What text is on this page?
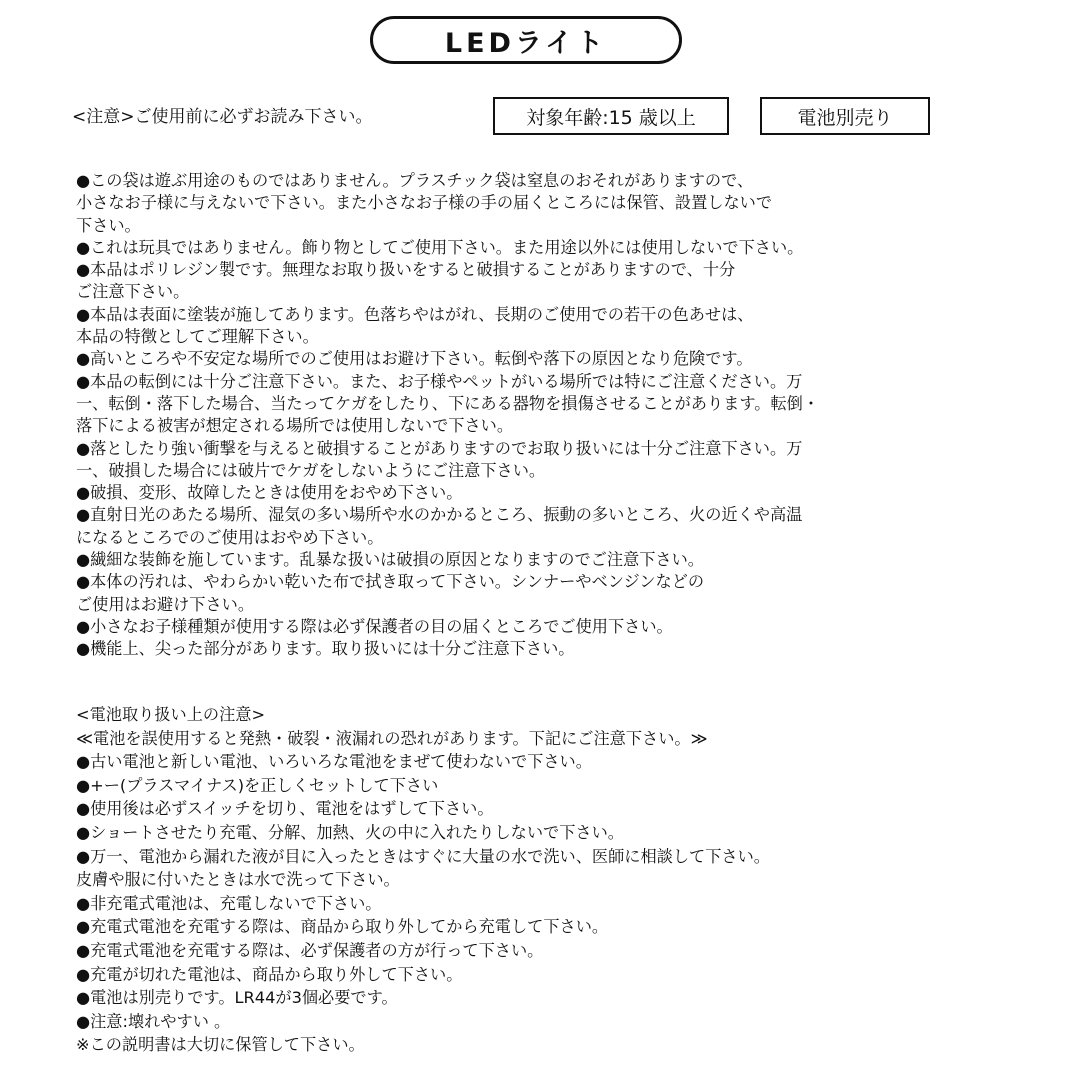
LEDライト
<注意>ご使用前に必ずお読み下さい。	対象年齢:15 歳以上	電池別売り
●この袋は遊ぶ用途のものではありません。プラスチック袋は窒息のおそれがありますので、
小さなお子様に与えないで下さい。また小さなお子様の手の届くところには保管、設置しないで
下さい。
●これは玩具ではありません。飾り物としてご使用下さい。また用途以外には使用しないで下さい。
●本品はポリレジン製です。無理なお取り扱いをすると破損することがありますので、十分
ご注意下さい。
●本品は表面に塗装が施してあります。色落ちやはがれ、長期のご使用での若干の色あせは、
本品の特徴としてご理解下さい。
●高いところや不安定な場所でのご使用はお避け下さい。転倒や落下の原因となり危険です。
●本品の転倒には十分ご注意下さい。また、お子様やペットがいる場所では特にご注意ください。万
一、転倒・落下した場合、当たってケガをしたり、下にある器物を損傷させることがあります。転倒・
落下による被害が想定される場所では使用しないで下さい。
●落としたり強い衝撃を与えると破損することがありますのでお取り扱いには十分ご注意下さい。万
一、破損した場合には破片でケガをしないようにご注意下さい。
●破損、変形、故障したときは使用をおやめ下さい。
●直射日光のあたる場所、湿気の多い場所や水のかかるところ、振動の多いところ、火の近くや高温
になるところでのご使用はおやめ下さい。
●繊細な装飾を施しています。乱暴な扱いは破損の原因となりますのでご注意下さい。
●本体の汚れは、やわらかい乾いた布で拭き取って下さい。シンナーやベンジンなどの
ご使用はお避け下さい。
●小さなお子様種類が使用する際は必ず保護者の目の届くところでご使用下さい。
●機能上、尖った部分があります。取り扱いには十分ご注意下さい。
<電池取り扱い上の注意>
≪電池を誤使用すると発熱・破裂・液漏れの恐れがあります。下記にご注意下さい。≫
●古い電池と新しい電池、いろいろな電池をまぜて使わないで下さい。
●+ー(プラスマイナス)を正しくセットして下さい
●使用後は必ずスイッチを切り、電池をはずして下さい。
●ショートさせたり充電、分解、加熱、火の中に入れたりしないで下さい。
●万一、電池から漏れた液が目に入ったときはすぐに大量の水で洗い、医師に相談して下さい。
皮膚や服に付いたときは水で洗って下さい。
●非充電式電池は、充電しないで下さい。
●充電式電池を充電する際は、商品から取り外してから充電して下さい。
●充電式電池を充電する際は、必ず保護者の方が行って下さい。
●充電が切れた電池は、商品から取り外して下さい。
●電池は別売りです。LR44が3個必要です。
●注意:壊れやすい 。
※この説明書は大切に保管して下さい。
